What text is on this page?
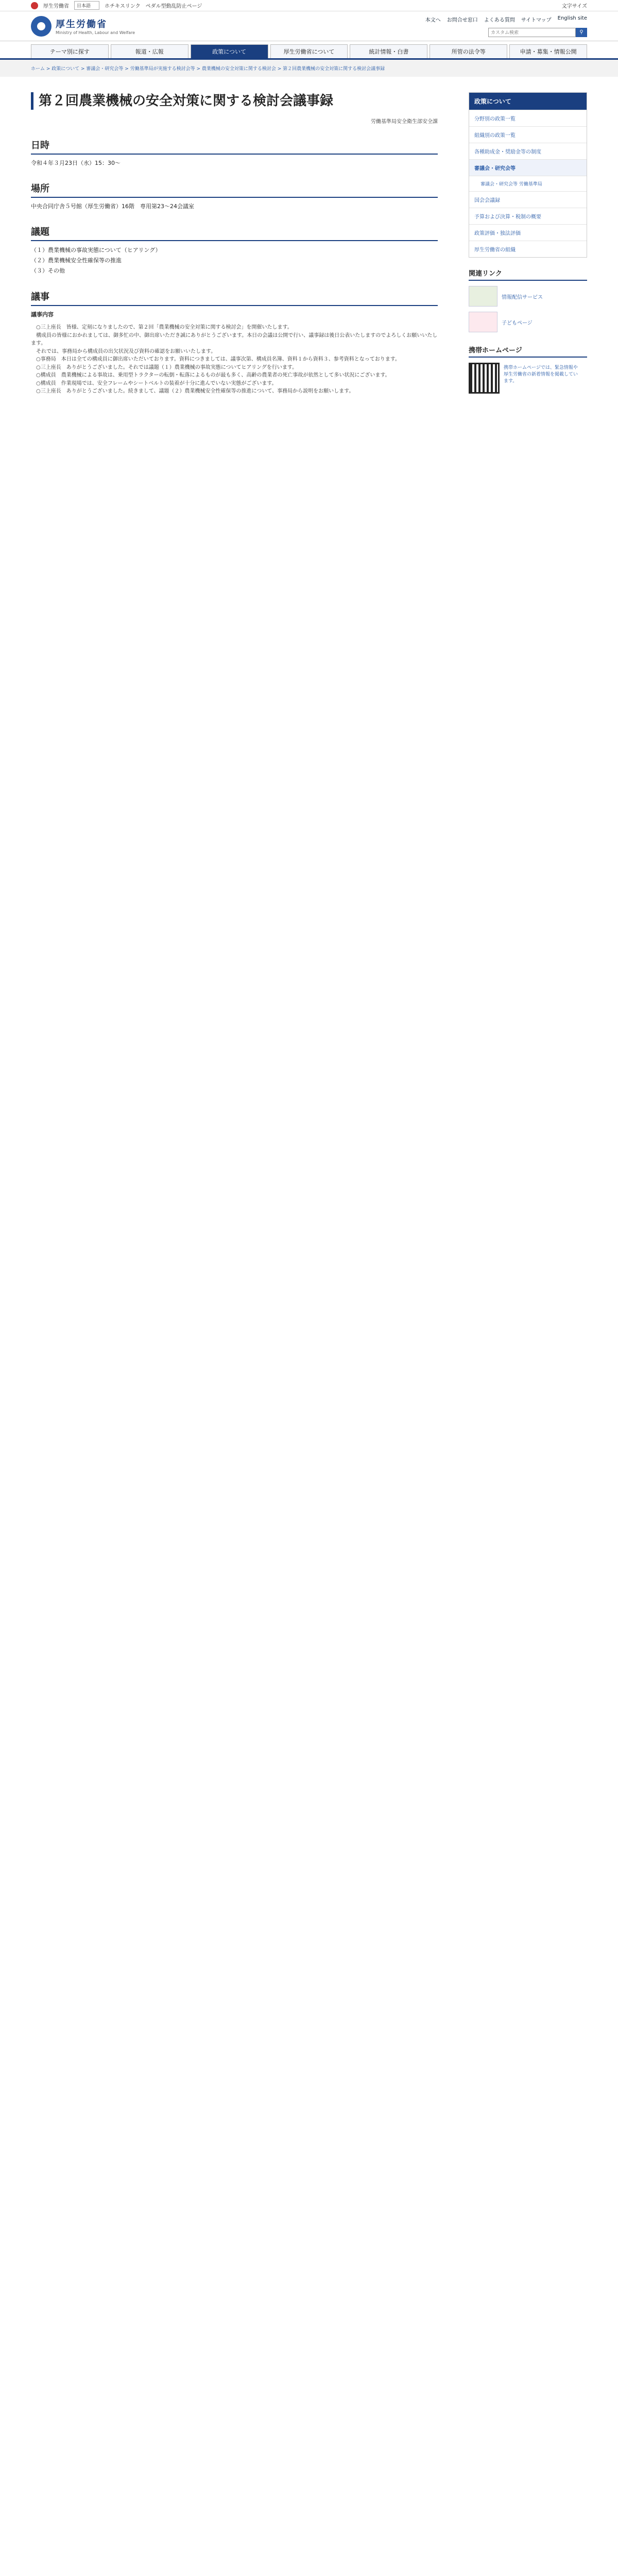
厚生労働省	日本語	ホチキスリンク ペダル型動乱防止ページ	文字サイズ
厚生労働省
Ministry of Health, Labour and Welfare
本文へ お問合せ窓口 よくある質問 サイトマップ English site
カスタム検索
⚲
テーマ別に探す	報道・広報	政策について	厚生労働省について	統計情報・白書	所管の法令等	申請・募集・情報公開
ホーム > 政策について > 審議会・研究会等 > 労働基準局が実施する検討会等 > 農業機械の安全対策に関する検討会 > 第２回農業機械の安全対策に関する検討会議事録
第２回農業機械の安全対策に関する検討会議事録
労働基準局安全衛生部安全課
日時
令和４年３月23日（水）15：30～
場所
中央合同庁舎５号館（厚生労働省）16階　専用第23～24会議室
議題
（１）農業機械の事故実態について（ヒアリング）
（２）農業機械安全性確保等の推進
（３）その他
議事
議事内容

○三上座長　皆様、定刻になりましたので、第２回「農業機械の安全対策に関する検討会」を開催いたします。

構成員の皆様におかれましては、御多忙の中、御出席いただき誠にありがとうございます。本日の会議は公開で行い、議事録は後日公表いたしますのでよろしくお願いいたします。

それでは、事務局から構成員の出欠状況及び資料の確認をお願いいたします。

○事務局　本日は全ての構成員に御出席いただいております。資料につきましては、議事次第、構成員名簿、資料１から資料３、参考資料となっております。

○三上座長　ありがとうございました。それでは議題（１）農業機械の事故実態についてヒアリングを行います。

○構成員　農業機械による事故は、乗用型トラクターの転倒・転落によるものが最も多く、高齢の農業者の死亡事故が依然として多い状況にございます。

○構成員　作業現場では、安全フレームやシートベルトの装着が十分に進んでいない実態がございます。

○三上座長　ありがとうございました。続きまして、議題（２）農業機械安全性確保等の推進について、事務局から説明をお願いします。

政策について
分野別の政策一覧
組織別の政策一覧
各種助成金・奨励金等の制度
審議会・研究会等
審議会・研究会等 労働基準局
国会会議録
予算および決算・税制の概要
政策評価・独法評価
厚生労働省の組織
関連リンク
情報配信サービス
子どもページ
携帯ホームページ
携帯ホームページでは、緊急情報や厚生労働省の新着情報を掲載しています。
